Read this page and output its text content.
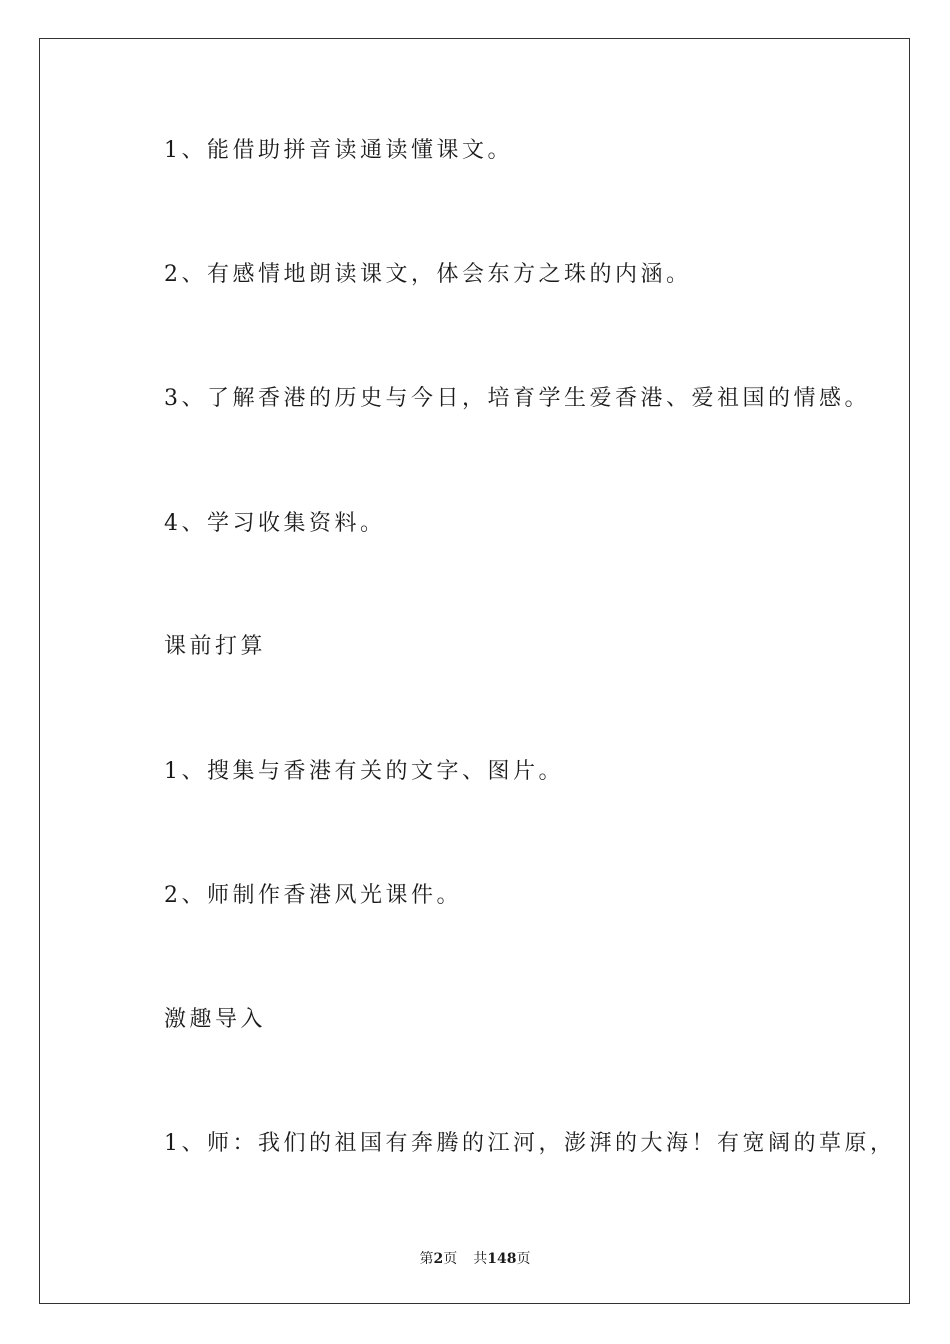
1、能借助拼音读通读懂课文。
2、有感情地朗读课文，体会东方之珠的内涵。
3、了解香港的历史与今日，培育学生爱香港、爱祖国的情感。
4、学习收集资料。
课前打算
1、搜集与香港有关的文字、图片。
2、师制作香港风光课件。
激趣导入
1、师：我们的祖国有奔腾的江河，澎湃的大海！有宽阔的草原，
第2页 共148页
